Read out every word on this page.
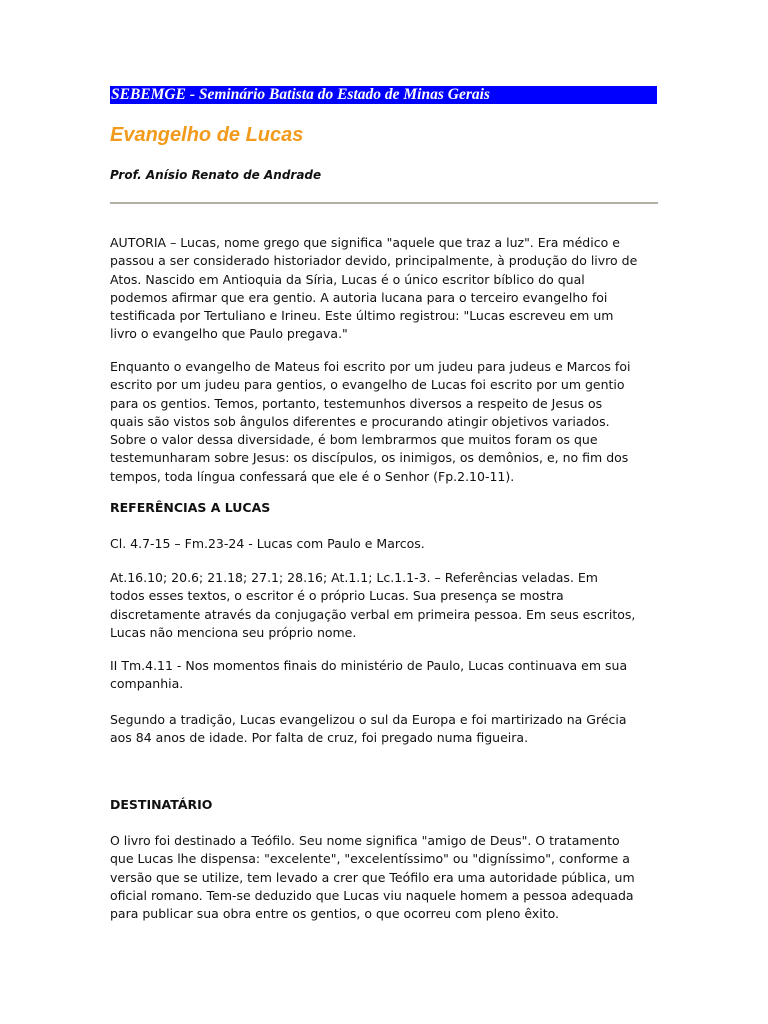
SEBEMGE - Seminário Batista do Estado de Minas Gerais
Evangelho de Lucas
Prof. Anísio Renato de Andrade
AUTORIA – Lucas, nome grego que significa "aquele que traz a luz". Era médico e
passou a ser considerado historiador devido, principalmente, à produção do livro de
Atos. Nascido em Antioquia da Síria, Lucas é o único escritor bíblico do qual
podemos afirmar que era gentio. A autoria lucana para o terceiro evangelho foi
testificada por Tertuliano e Irineu. Este último registrou: "Lucas escreveu em um
livro o evangelho que Paulo pregava."
Enquanto o evangelho de Mateus foi escrito por um judeu para judeus e Marcos foi
escrito por um judeu para gentios, o evangelho de Lucas foi escrito por um gentio
para os gentios. Temos, portanto, testemunhos diversos a respeito de Jesus os
quais são vistos sob ângulos diferentes e procurando atingir objetivos variados.
Sobre o valor dessa diversidade, é bom lembrarmos que muitos foram os que
testemunharam sobre Jesus: os discípulos, os inimigos, os demônios, e, no fim dos
tempos, toda língua confessará que ele é o Senhor (Fp.2.10-11).
REFERÊNCIAS A LUCAS
Cl. 4.7-15 – Fm.23-24 - Lucas com Paulo e Marcos.
At.16.10; 20.6; 21.18; 27.1; 28.16; At.1.1; Lc.1.1-3. – Referências veladas. Em
todos esses textos, o escritor é o próprio Lucas. Sua presença se mostra
discretamente através da conjugação verbal em primeira pessoa. Em seus escritos,
Lucas não menciona seu próprio nome.
II Tm.4.11 - Nos momentos finais do ministério de Paulo, Lucas continuava em sua
companhia.
Segundo a tradição, Lucas evangelizou o sul da Europa e foi martirizado na Grécia
aos 84 anos de idade. Por falta de cruz, foi pregado numa figueira.
DESTINATÁRIO
O livro foi destinado a Teófilo. Seu nome significa "amigo de Deus". O tratamento
que Lucas lhe dispensa: "excelente", "excelentíssimo" ou "digníssimo", conforme a
versão que se utilize, tem levado a crer que Teófilo era uma autoridade pública, um
oficial romano. Tem-se deduzido que Lucas viu naquele homem a pessoa adequada
para publicar sua obra entre os gentios, o que ocorreu com pleno êxito.
